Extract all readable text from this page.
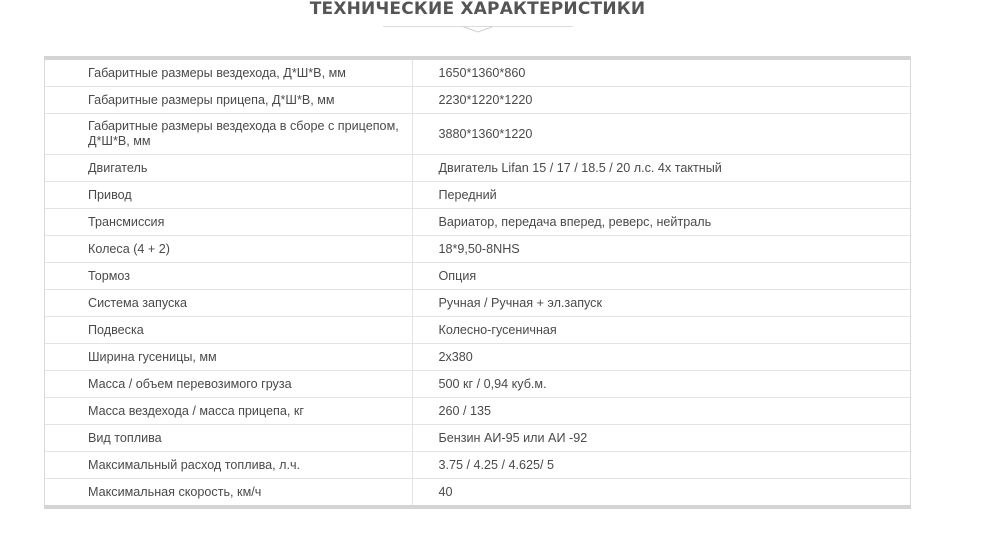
ТЕХНИЧЕСКИЕ ХАРАКТЕРИСТИКИ
Габаритные размеры вездехода, Д*Ш*В, мм	1650*1360*860
Габаритные размеры прицепа, Д*Ш*В, мм	2230*1220*1220
Габаритные размеры вездехода в сборе с прицепом, Д*Ш*В, мм	3880*1360*1220
Двигатель	Двигатель Lifan 15 / 17 / 18.5 / 20 л.с. 4х тактный
Привод	Передний
Трансмиссия	Вариатор, передача вперед, реверс, нейтраль
Колеса (4 + 2)	18*9,50-8NHS
Тормоз	Опция
Система запуска	Ручная / Ручная + эл.запуск
Подвеска	Колесно-гусеничная
Ширина гусеницы, мм	2х380
Масса / объем перевозимого груза	500 кг / 0,94 куб.м.
Масса вездехода / масса прицепа, кг	260 / 135
Вид топлива	Бензин АИ-95 или АИ -92
Максимальный расход топлива, л.ч.	3.75 / 4.25 / 4.625/ 5
Максимальная скорость, км/ч	40
